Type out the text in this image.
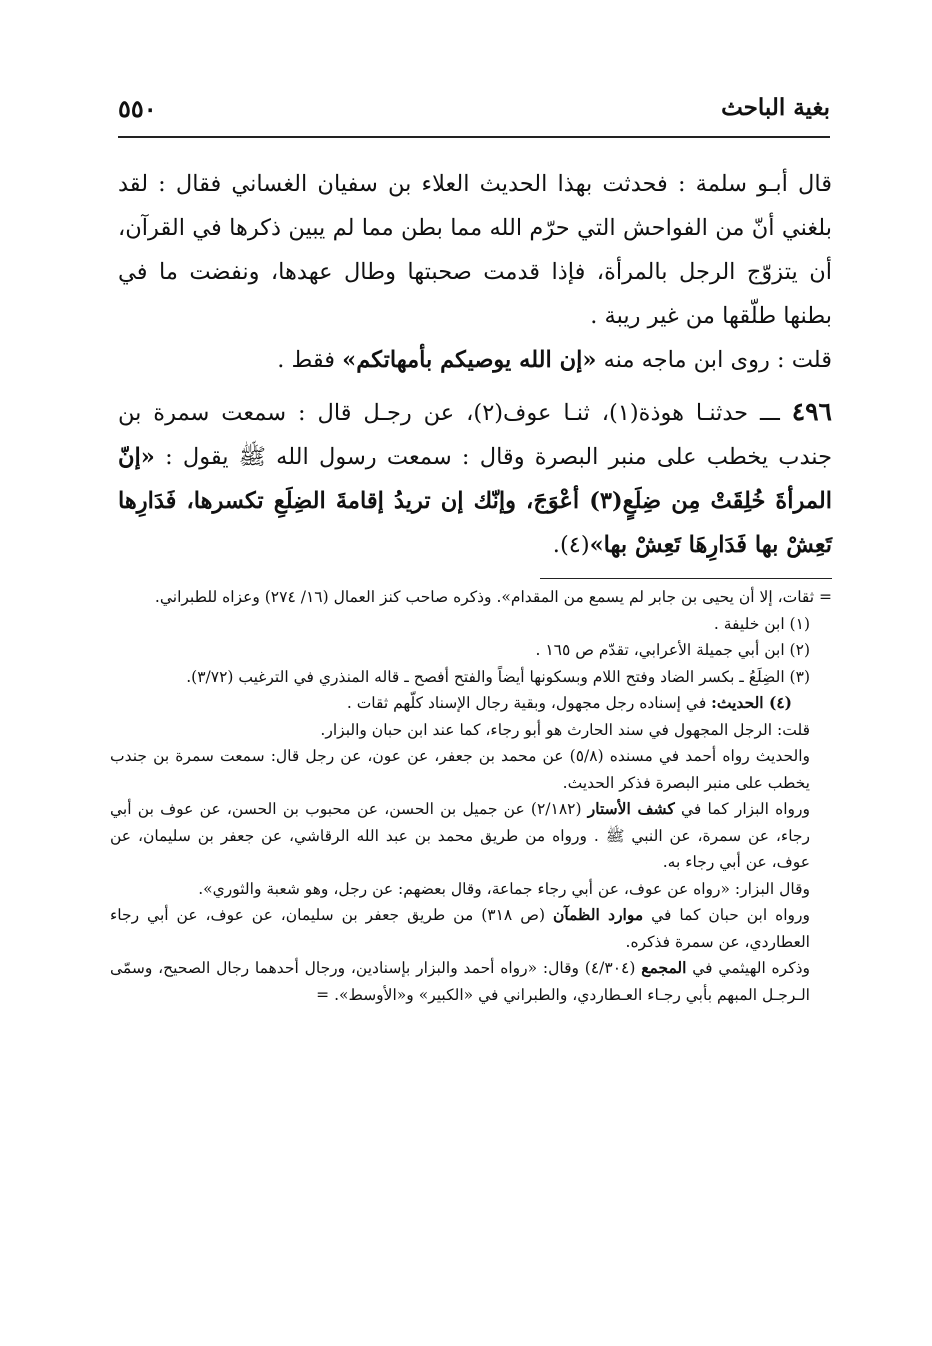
٥٥٠	بغية الباحث

قال أبـو سلمة : فحدثت بهذا الحديث العلاء بن سفيان الغساني فقال : لقد بلغني أنّ من الفواحش التي حرّم الله مما بطن مما لم يبين ذكرها في القرآن، أن يتزوّج الرجل بالمرأة، فإذا قدمت صحبتها وطال عهدها، ونفضت ما في بطنها طلّقها من غير ريبة .

قلت : روى ابن ماجه منه «إن الله يوصيكم بأمهاتكم» فقط .

٤٩٦ ـــ حدثنـا هوذة(١)، ثنـا عوف(٢)، عن رجـل قال : سمعت سمرة بن جندب يخطب على منبر البصرة وقال : سمعت رسول الله ﷺ يقول : «إنّ المرأةَ خُلِقَتْ مِن ضِلَعٍ(٣) أعْوَجَ، وإنّك إن تريدُ إقامةَ الضِلَعِ تكسرها، فَدَارِها تَعِشْ بها فَدَارِهَا تَعِشْ بها»(٤).

= ثقات، إلا أن يحيى بن جابر لم يسمع من المقدام». وذكره صاحب كنز العمال (١٦/ ٢٧٤) وعزاه للطبراني.

(١) ابن خليفة .

(٢) ابن أبي جميلة الأعرابي، تقدّم ص ١٦٥ .

(٣) الضِلَعُ ـ بكسر الضاد وفتح اللام وبسكونها أيضاً والفتح أفصح ـ قاله المنذري في الترغيب (٣/٧٢).

(٤) الحديث: في إسناده رجل مجهول، وبقية رجال الإسناد كلّهم ثقات .

قلت: الرجل المجهول في سند الحارث هو أبو رجاء، كما عند ابن حبان والبزار.

والحديث رواه أحمد في مسنده (٥/٨) عن محمد بن جعفر، عن عون، عن رجل قال: سمعت سمرة بن جندب يخطب على منبر البصرة فذكر الحديث.

ورواه البزار كما في كشف الأستار (٢/١٨٢) عن جميل بن الحسن، عن محبوب بن الحسن، عن عوف بن أبي رجاء، عن سمرة، عن النبي ﷺ . ورواه من طريق محمد بن عبد الله الرقاشي، عن جعفر بن سليمان، عن عوف، عن أبي رجاء به.

وقال البزار: «رواه عن عوف، عن أبي رجاء جماعة، وقال بعضهم: عن رجل، وهو شعبة والثوري».

ورواه ابن حبان كما في موارد الظمآن (ص ٣١٨) من طريق جعفر بن سليمان، عن عوف، عن أبي رجاء العطاردي، عن سمرة فذكره.

وذكره الهيثمي في المجمع (٤/٣٠٤) وقال: «رواه أحمد والبزار بإسنادين، ورجال أحدهما رجال الصحيح، وسمّى الـرجـل المبهم بأبي رجـاء العـطاردي، والطبراني في «الكبير» و«الأوسط». =
